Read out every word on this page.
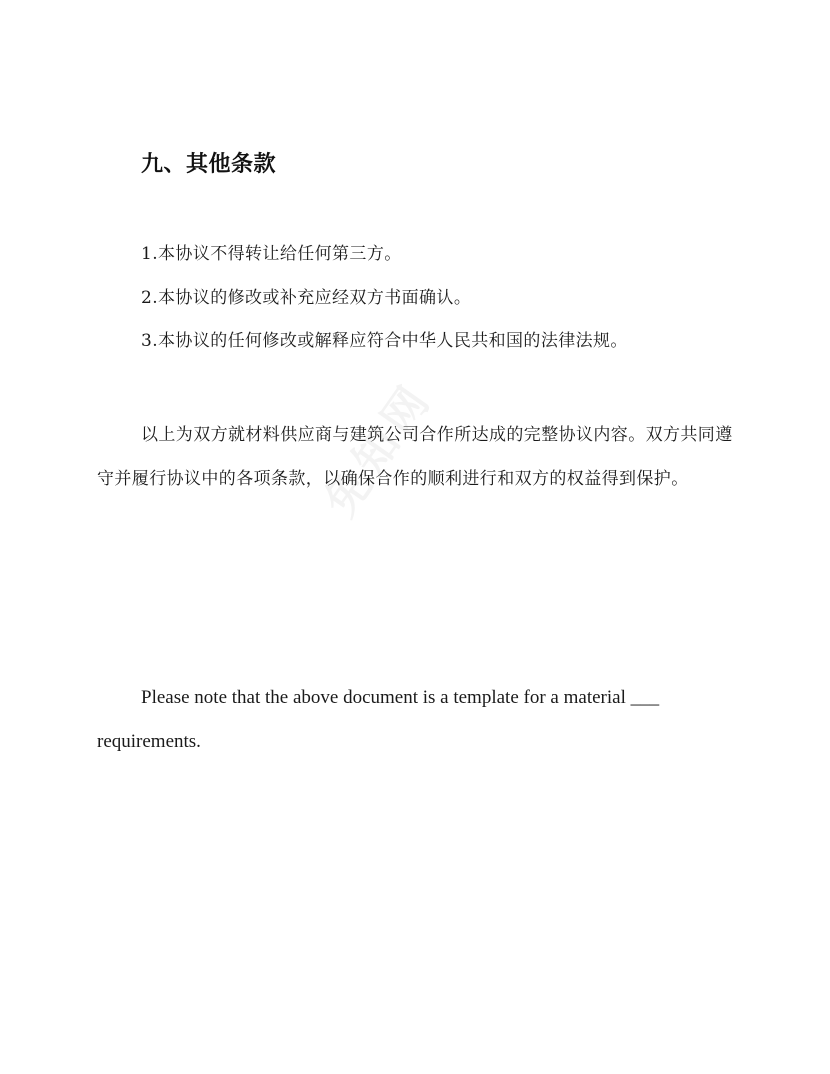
九、其他条款
1.本协议不得转让给任何第三方。
2.本协议的修改或补充应经双方书面确认。
3.本协议的任何修改或解释应符合中华人民共和国的法律法规。

以上为双方就材料供应商与建筑公司合作所达成的完整协议内容。双方共同遵守并履行协议中的各项条款，以确保合作的顺利进行和双方的权益得到保护。

Please note that the above document is a template for a material ___ requirements.
